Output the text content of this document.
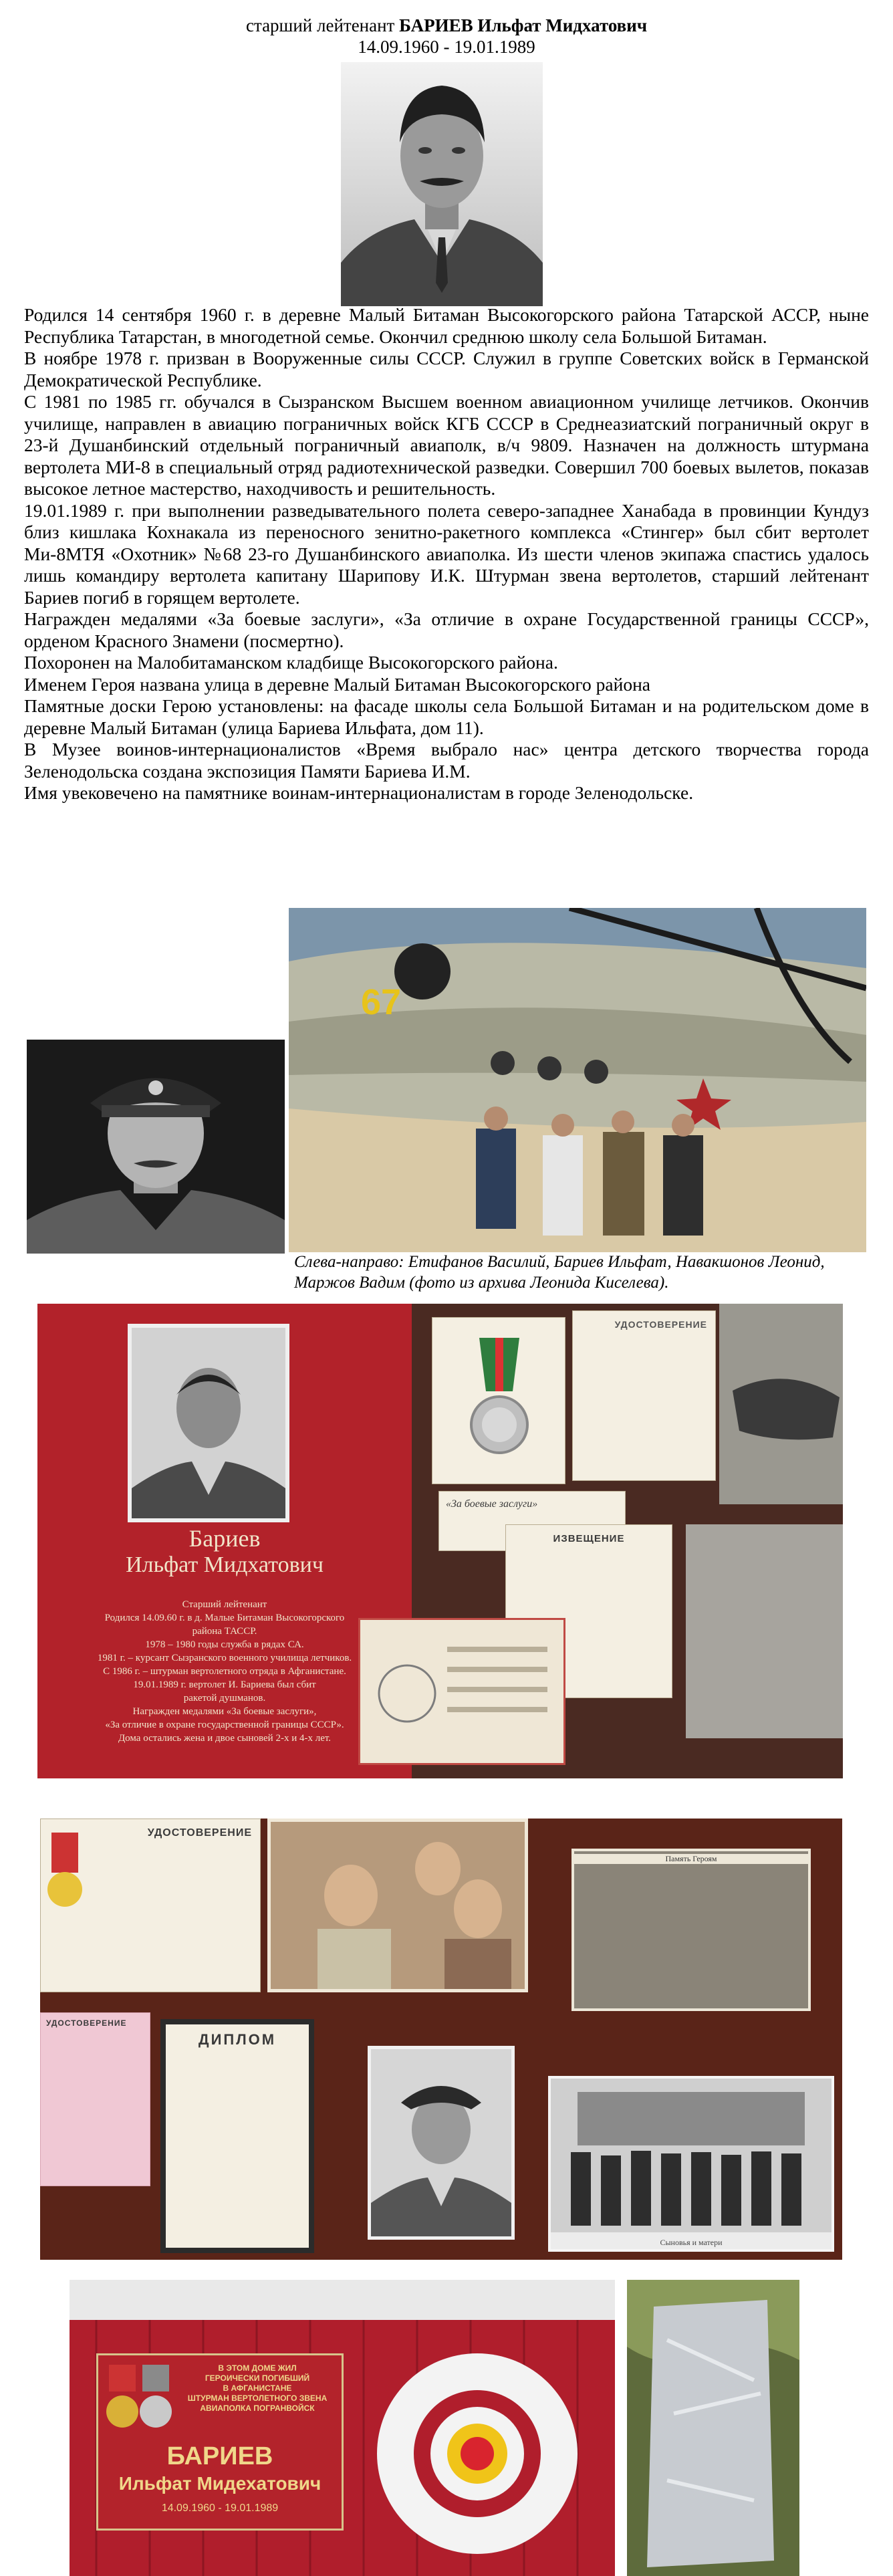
старший лейтенант БАРИЕВ Ильфат Мидхатович
14.09.1960 - 19.01.1989

Родился 14 сентября 1960 г. в деревне Малый Битаман Высокогорского района Татарской АССР, ныне Республика Татарстан, в многодетной семье. Окончил среднюю школу села Большой Битаман.

В ноябре 1978 г. призван в Вооруженные силы СССР. Служил в группе Советских войск в Германской Демократической Республике.

С 1981 по 1985 гг. обучался в Сызранском Высшем военном авиационном училище летчиков. Окончив училище, направлен в авиацию пограничных войск КГБ СССР в Среднеазиатский пограничный округ в 23-й Душанбинский отдельный пограничный авиаполк, в/ч 9809. Назначен на должность штурмана вертолета МИ-8 в специальный отряд радиотехнической разведки. Совершил 700 боевых вылетов, показав высокое летное мастерство, находчивость и решительность.

19.01.1989 г. при выполнении разведывательного полета северо-западнее Ханабада в провинции Кундуз близ кишлака Кохнакала из переносного зенитно-ракетного комплекса «Стингер» был сбит вертолет Ми-8МТЯ «Охотник» №68 23-го Душанбинского авиаполка. Из шести членов экипажа спастись удалось лишь командиру вертолета капитану Шарипову И.К. Штурман звена вертолетов, старший лейтенант Бариев погиб в горящем вертолете.

Награжден медалями «За боевые заслуги», «За отличие в охране Государственной границы СССР», орденом Красного Знамени (посмертно).

Похоронен на Малобитаманском кладбище Высокогорского района.

Именем Героя названа улица в деревне Малый Битаман Высокогорского района

Памятные доски Герою установлены: на фасаде школы села Большой Битаман и на родительском доме в деревне Малый Битаман (улица Бариева Ильфата, дом 11).

В Музее воинов-интернационалистов «Время выбрало нас» центра детского творчества города Зеленодольска создана экспозиция Памяти Бариева И.М.

Имя увековечено на памятнике воинам-интернационалистам в городе Зеленодольске.

67
Слева-направо: Етифанов Василий, Бариев Ильфат, Навакшонов Леонид, Маржов Вадим (фото из архива Леонида Киселева).
Бариев
Ильфат Мидхатович
Старший лейтенант
Родился 14.09.60 г. в д. Малые Битаман Высокогорского
района ТАССР.
1978 – 1980 годы служба в рядах СА.
1981 г. – курсант Сызранского военного училища летчиков.
С 1986 г. – штурман вертолетного отряда в Афганистане.
19.01.1989 г. вертолет И. Бариева был сбит
ракетой душманов.
Награжден медалями «За боевые заслуги»,
«За отличие в охране государственной границы СССР».
Дома остались жена и двое сыновей 2-х и 4-х лет.
УДОСТОВЕРЕНИЕ
«За боевые заслуги»
ИЗВЕЩЕНИЕ
УДОСТОВЕРЕНИЕ
Память Героям
УДОСТОВЕРЕНИЕ
ДИПЛОМ
Сыновья и матери
В ЭТОМ ДОМЕ ЖИЛ
ГЕРОИЧЕСКИ ПОГИБШИЙ
В АФГАНИСТАНЕ
ШТУРМАН ВЕРТОЛЕТНОГО ЗВЕНА
АВИАПОЛКА ПОГРАНВОЙСК
БАРИЕВ
Ильфат Мидехатович
14.09.1960 - 19.01.1989
